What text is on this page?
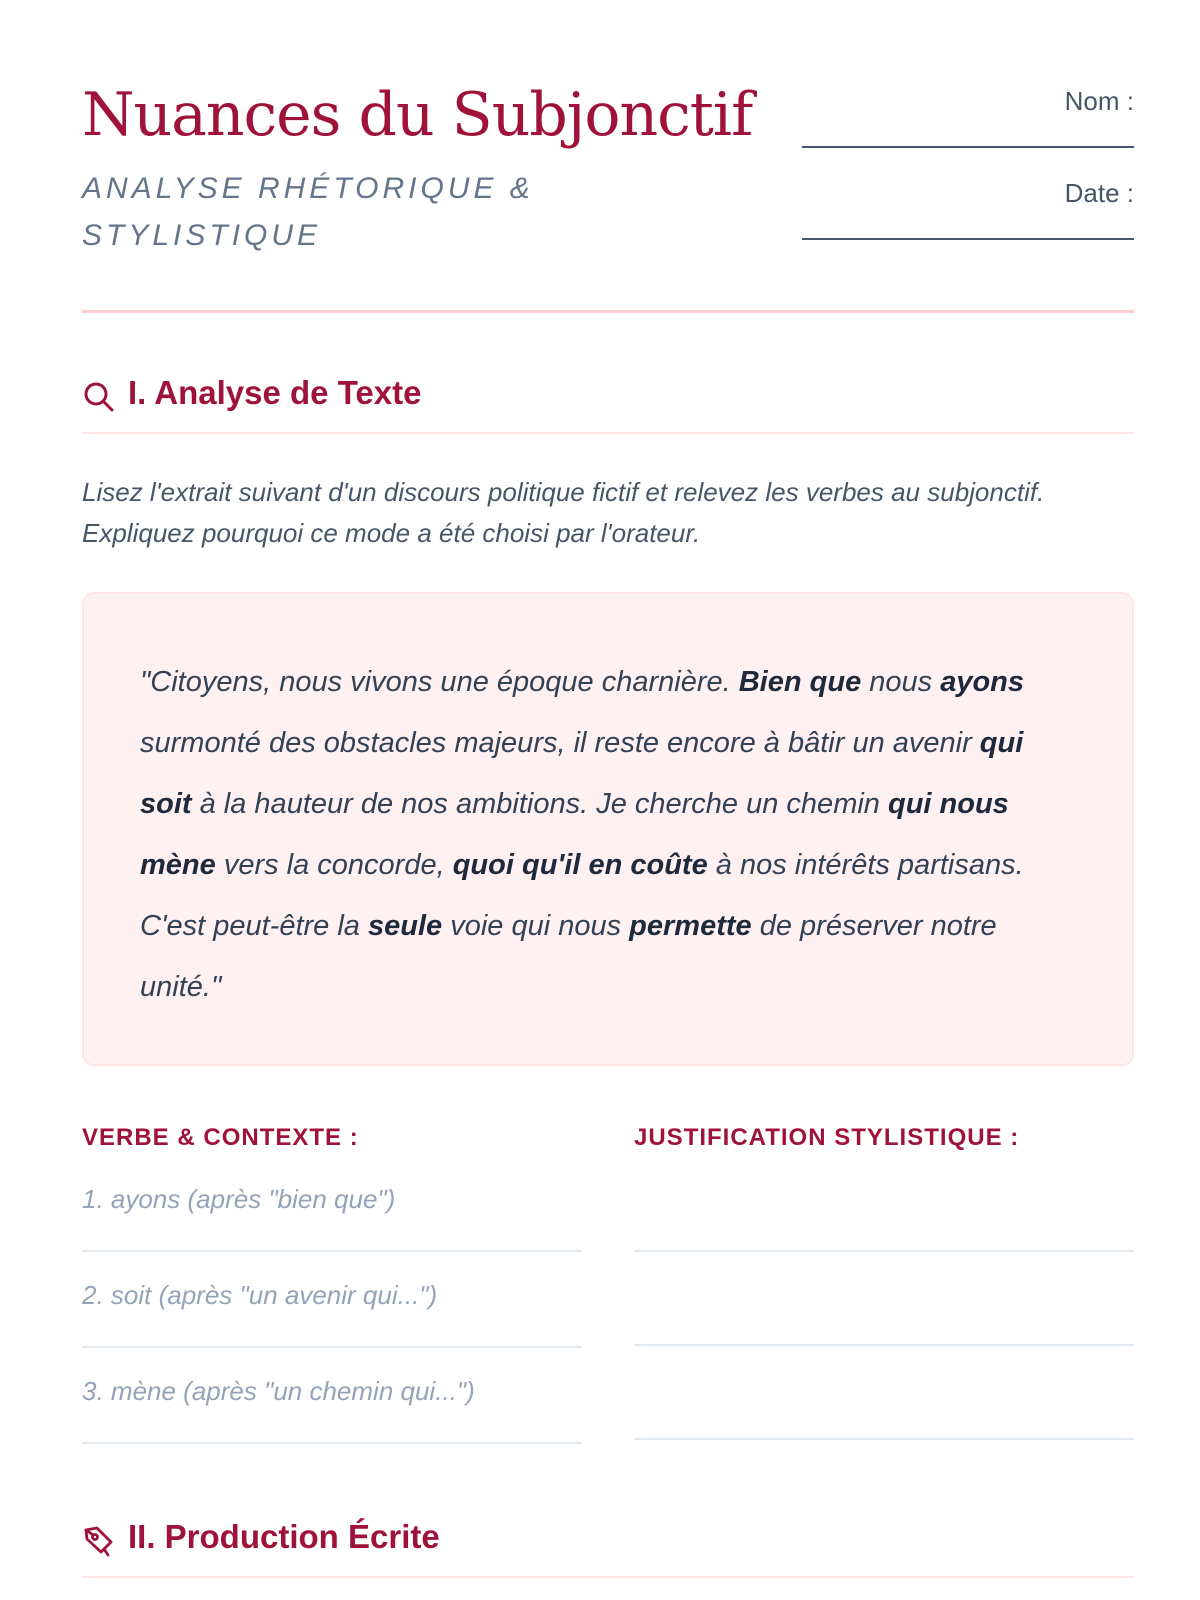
Nuances du Subjonctif
ANALYSE RHÉTORIQUE & STYLISTIQUE
Nom :
Date :
I. Analyse de Texte
Lisez l'extrait suivant d'un discours politique fictif et relevez les verbes au subjonctif. Expliquez pourquoi ce mode a été choisi par l'orateur.
"Citoyens, nous vivons une époque charnière. Bien que nous ayons surmonté des obstacles majeurs, il reste encore à bâtir un avenir qui soit à la hauteur de nos ambitions. Je cherche un chemin qui nous mène vers la concorde, quoi qu'il en coûte à nos intérêts partisans. C'est peut-être la seule voie qui nous permette de préserver notre unité."
VERBE & CONTEXTE :	JUSTIFICATION STYLISTIQUE :
1. ayons (après "bien que")
2. soit (après "un avenir qui...")
3. mène (après "un chemin qui...")
II. Production Écrite
